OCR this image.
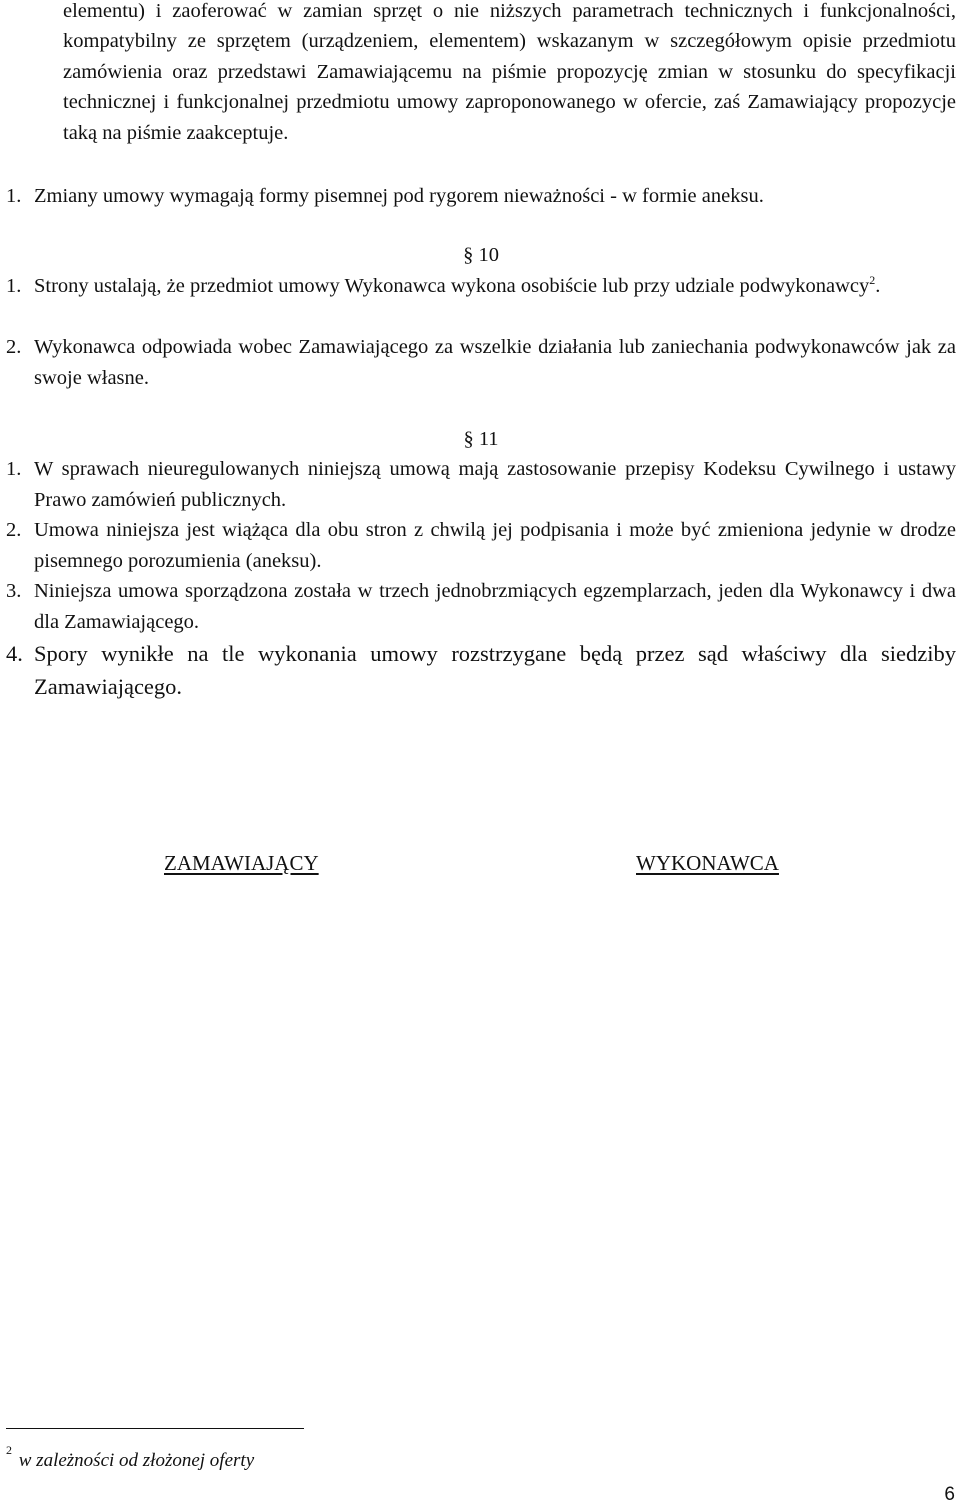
elementu) i zaoferować w zamian sprzęt o nie niższych parametrach technicznych i funkcjonalności, kompatybilny ze sprzętem (urządzeniem, elementem) wskazanym w szczegółowym opisie przedmiotu zamówienia oraz przedstawi Zamawiającemu na piśmie propozycję zmian w stosunku do specyfikacji technicznej i funkcjonalnej przedmiotu umowy zaproponowanego w ofercie, zaś Zamawiający propozycje taką na piśmie zaakceptuje.

1. Zmiany umowy wymagają formy pisemnej pod rygorem nieważności - w formie aneksu.
§ 10
1. Strony ustalają, że przedmiot umowy Wykonawca wykona osobiście lub przy udziale podwykonawcy$^2$.
2. Wykonawca odpowiada wobec Zamawiającego za wszelkie działania lub zaniechania podwykonawców jak za swoje własne.
§ 11
1. W sprawach nieuregulowanych niniejszą umową mają zastosowanie przepisy Kodeksu Cywilnego i ustawy Prawo zamówień publicznych.
2. Umowa niniejsza jest wiążąca dla obu stron z chwilą jej podpisania i może być zmieniona jedynie w drodze pisemnego porozumienia (aneksu).
3. Niniejsza umowa sporządzona została w trzech jednobrzmiących egzemplarzach, jeden dla Wykonawcy i dwa dla Zamawiającego.
4. Spory wynikłe na tle wykonania umowy rozstrzygane będą przez sąd właściwy dla siedziby Zamawiającego.
ZAMAWIAJĄCY	WYKONAWCA
$^2$ w zależności od złożonej oferty
6
